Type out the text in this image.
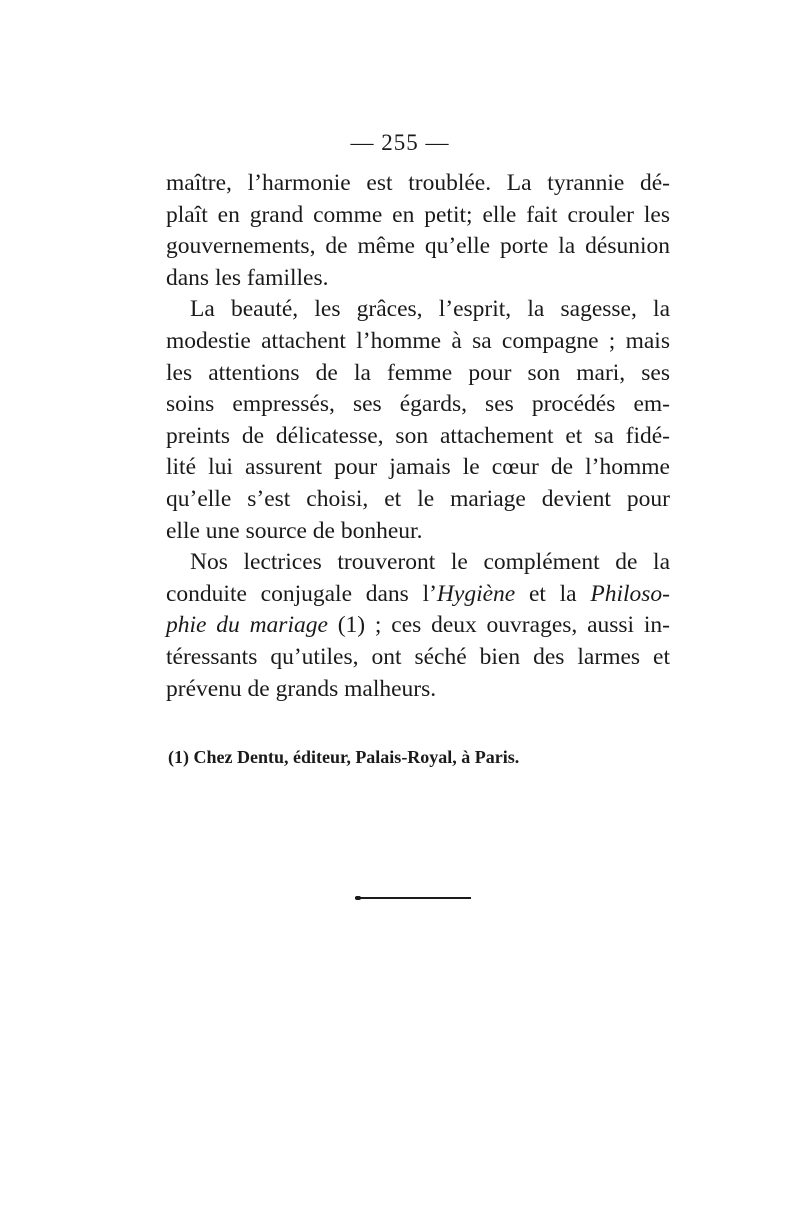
— 255 —
maître, l’harmonie est troublée. La tyrannie dé-
plaît en grand comme en petit; elle fait crouler les
gouvernements, de même qu’elle porte la désunion
dans les familles.
La beauté, les grâces, l’esprit, la sagesse, la
modestie attachent l’homme à sa compagne ; mais
les attentions de la femme pour son mari, ses
soins empressés, ses égards, ses procédés em-
preints de délicatesse, son attachement et sa fidé-
lité lui assurent pour jamais le cœur de l’homme
qu’elle s’est choisi, et le mariage devient pour
elle une source de bonheur.
Nos lectrices trouveront le complément de la
conduite conjugale dans l’Hygiène et la Philoso-
phie du mariage (1) ; ces deux ouvrages, aussi in-
téressants qu’utiles, ont séché bien des larmes et
prévenu de grands malheurs.
(1) Chez Dentu, éditeur, Palais-Royal, à Paris.
